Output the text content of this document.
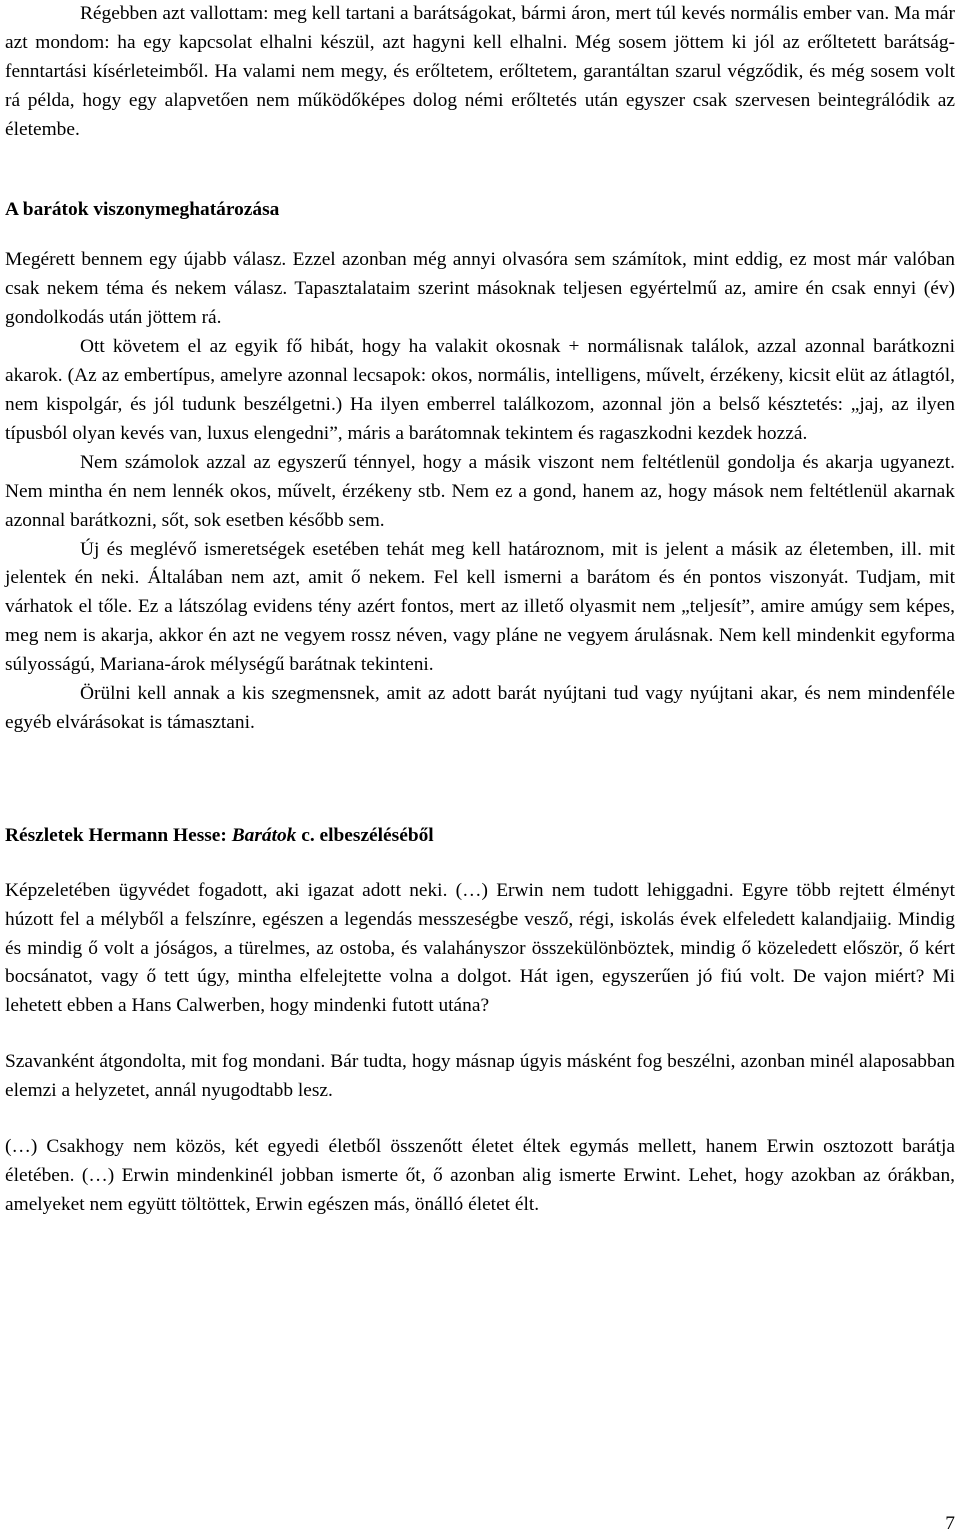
Régebben azt vallottam: meg kell tartani a barátságokat, bármi áron, mert túl kevés normális ember van. Ma már azt mondom: ha egy kapcsolat elhalni készül, azt hagyni kell elhalni. Még sosem jöttem ki jól az erőltetett barátság-fenntartási kísérleteimből. Ha valami nem megy, és erőltetem, erőltetem, garantáltan szarul végződik, és még sosem volt rá példa, hogy egy alapvetően nem működőképes dolog némi erőltetés után egyszer csak szervesen beintegrálódik az életembe.

A barátok viszonymeghatározása

Megérett bennem egy újabb válasz. Ezzel azonban még annyi olvasóra sem számítok, mint eddig, ez most már valóban csak nekem téma és nekem válasz. Tapasztalataim szerint másoknak teljesen egyértelmű az, amire én csak ennyi (év) gondolkodás után jöttem rá.

Ott követem el az egyik fő hibát, hogy ha valakit okosnak + normálisnak találok, azzal azonnal barátkozni akarok. (Az az embertípus, amelyre azonnal lecsapok: okos, normális, intelligens, művelt, érzékeny, kicsit elüt az átlagtól, nem kispolgár, és jól tudunk beszélgetni.) Ha ilyen emberrel találkozom, azonnal jön a belső késztetés: „jaj, az ilyen típusból olyan kevés van, luxus elengedni”, máris a barátomnak tekintem és ragaszkodni kezdek hozzá.

Nem számolok azzal az egyszerű ténnyel, hogy a másik viszont nem feltétlenül gondolja és akarja ugyanezt. Nem mintha én nem lennék okos, művelt, érzékeny stb. Nem ez a gond, hanem az, hogy mások nem feltétlenül akarnak azonnal barátkozni, sőt, sok esetben később sem.

Új és meglévő ismeretségek esetében tehát meg kell határoznom, mit is jelent a másik az életemben, ill. mit jelentek én neki. Általában nem azt, amit ő nekem. Fel kell ismerni a barátom és én pontos viszonyát. Tudjam, mit várhatok el tőle. Ez a látszólag evidens tény azért fontos, mert az illető olyasmit nem „teljesít”, amire amúgy sem képes, meg nem is akarja, akkor én azt ne vegyem rossz néven, vagy pláne ne vegyem árulásnak. Nem kell mindenkit egyforma súlyosságú, Mariana-árok mélységű barátnak tekinteni.

Örülni kell annak a kis szegmensnek, amit az adott barát nyújtani tud vagy nyújtani akar, és nem mindenféle egyéb elvárásokat is támasztani.

Részletek Hermann Hesse: Barátok c. elbeszéléséből

Képzeletében ügyvédet fogadott, aki igazat adott neki. (…) Erwin nem tudott lehiggadni. Egyre több rejtett élményt húzott fel a mélyből a felszínre, egészen a legendás messzeségbe vesző, régi, iskolás évek elfeledett kalandjaiig. Mindig és mindig ő volt a jóságos, a türelmes, az ostoba, és valahányszor összekülönböztek, mindig ő közeledett először, ő kért bocsánatot, vagy ő tett úgy, mintha elfelejtette volna a dolgot. Hát igen, egyszerűen jó fiú volt. De vajon miért? Mi lehetett ebben a Hans Calwerben, hogy mindenki futott utána?

Szavanként átgondolta, mit fog mondani. Bár tudta, hogy másnap úgyis másként fog beszélni, azonban minél alaposabban elemzi a helyzetet, annál nyugodtabb lesz.

(…) Csakhogy nem közös, két egyedi életből összenőtt életet éltek egymás mellett, hanem Erwin osztozott barátja életében. (…) Erwin mindenkinél jobban ismerte őt, ő azonban alig ismerte Erwint. Lehet, hogy azokban az órákban, amelyeket nem együtt töltöttek, Erwin egészen más, önálló életet élt.

7
